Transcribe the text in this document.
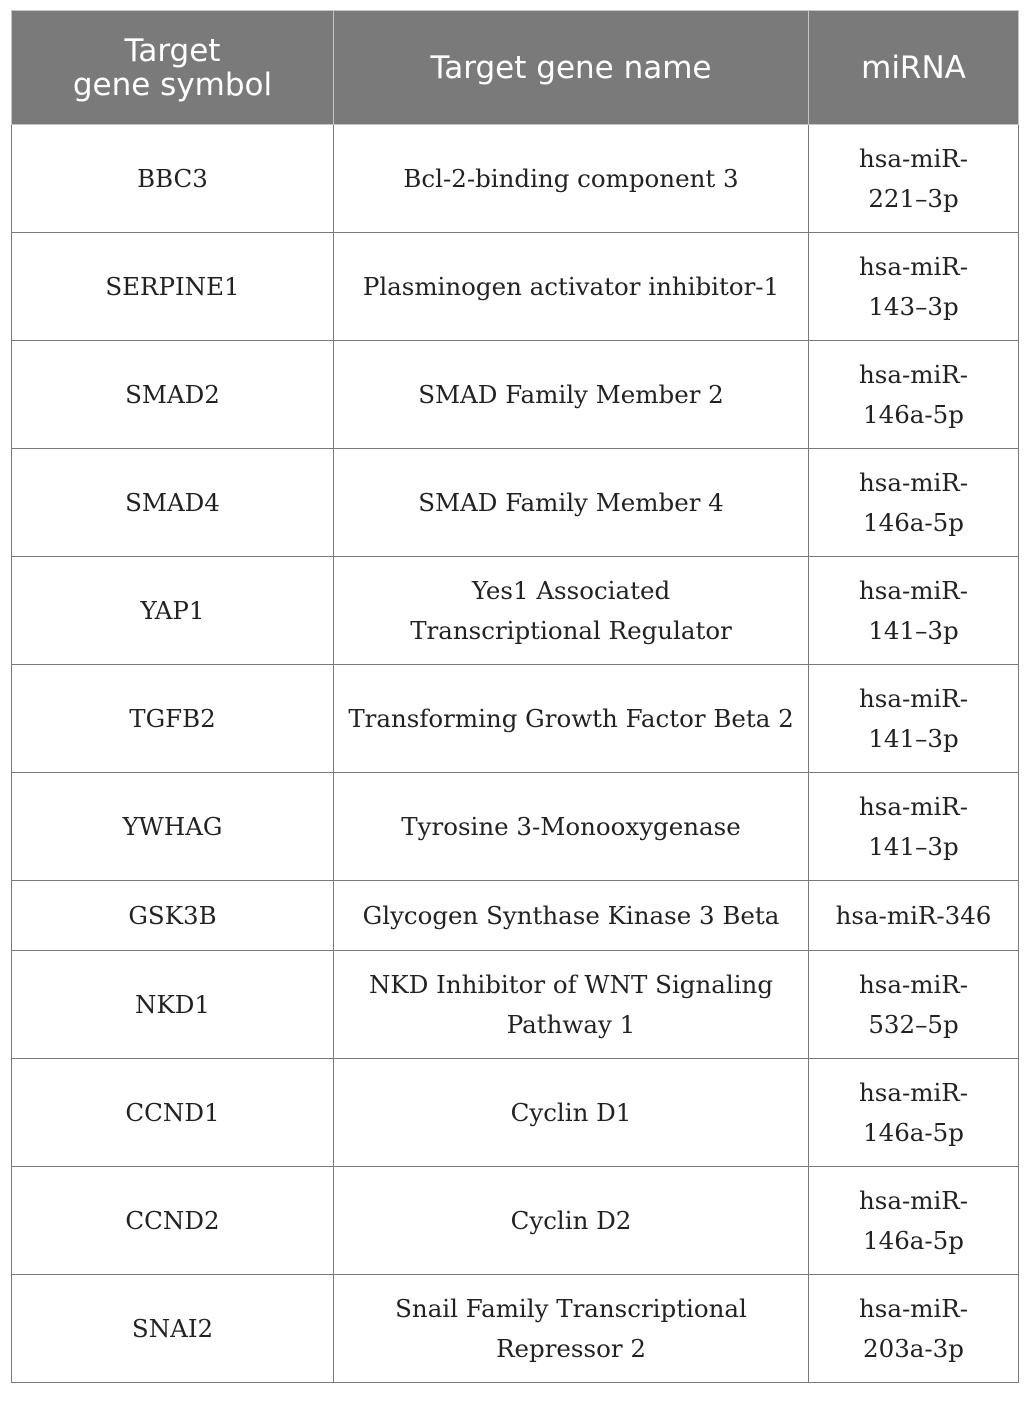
Target
gene symbol	Target gene name	miRNA
BBC3	Bcl-2-binding component 3	hsa-miR-
221–3p

SERPINE1	Plasminogen activator inhibitor-1	hsa-miR-
143–3p

SMAD2	SMAD Family Member 2	hsa-miR-
146a-5p

SMAD4	SMAD Family Member 4	hsa-miR-
146a-5p

YAP1	Yes1 Associated
Transcriptional Regulator	hsa-miR-
141–3p

TGFB2	Transforming Growth Factor Beta 2	hsa-miR-
141–3p

YWHAG	Tyrosine 3-Monooxygenase	hsa-miR-
141–3p

GSK3B	Glycogen Synthase Kinase 3 Beta	hsa-miR-346

NKD1	NKD Inhibitor of WNT Signaling
Pathway 1	hsa-miR-
532–5p

CCND1	Cyclin D1	hsa-miR-
146a-5p

CCND2	Cyclin D2	hsa-miR-
146a-5p

SNAI2	Snail Family Transcriptional
Repressor 2	hsa-miR-
203a-3p
